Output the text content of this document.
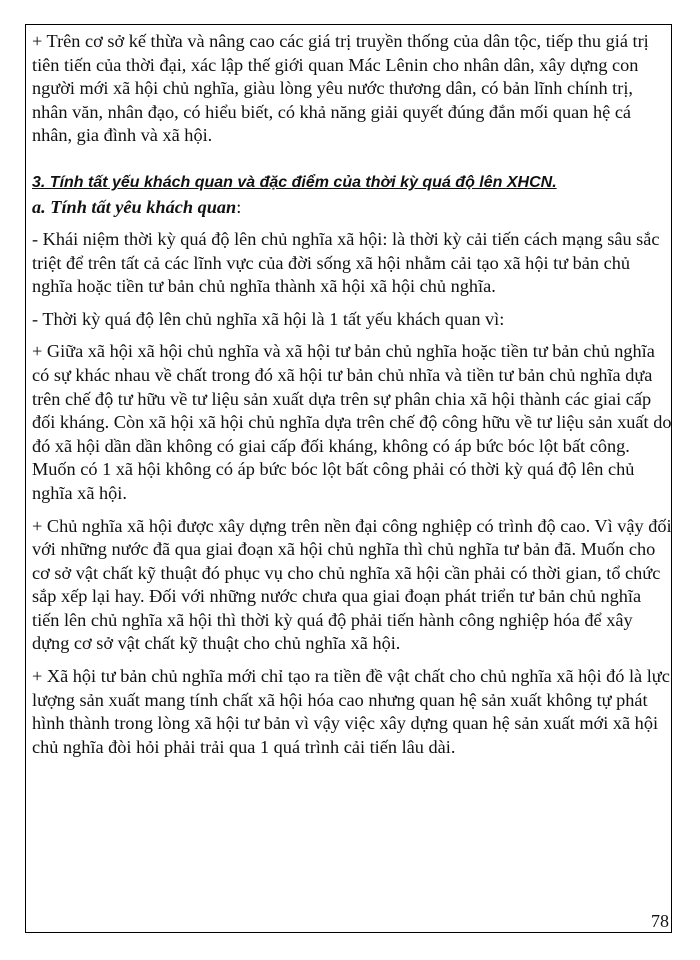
+ Trên cơ sở kế thừa và nâng cao các giá trị truyền thống của dân tộc, tiếp thu giá trị tiên tiến của thời đại, xác lập thế giới quan Mác Lênin cho nhân dân, xây dựng con người mới xã hội chủ nghĩa, giàu lòng yêu nước thương dân, có bản lĩnh chính trị, nhân văn, nhân đạo, có hiểu biết, có khả năng giải quyết đúng đắn mối quan hệ cá nhân, gia đình và xã hội.

3. Tính tất yếu khách quan và đặc điểm của thời kỳ quá độ lên XHCN.

a. Tính tất yêu khách quan:

- Khái niệm thời kỳ quá độ lên chủ nghĩa xã hội: là thời kỳ cải tiến cách mạng sâu sắc triệt để trên tất cả các lĩnh vực của đời sống xã hội nhằm cải tạo xã hội tư bản chủ nghĩa hoặc tiền tư bản chủ nghĩa thành xã hội xã hội chủ nghĩa.

- Thời kỳ quá độ lên chủ nghĩa xã hội là 1 tất yếu khách quan vì:

+ Giữa xã hội xã hội chủ nghĩa và xã hội tư bản chủ nghĩa hoặc tiền tư bản chủ nghĩa có sự khác nhau về chất trong đó xã hội tư bản chủ nhĩa và tiền tư bản chủ nghĩa dựa trên chế độ tư hữu về tư liệu sản xuất dựa trên sự phân chia xã hội thành các giai cấp đối kháng. Còn xã hội xã hội chủ nghĩa dựa trên chế độ công hữu về tư liệu sản xuất do đó xã hội dần dần không có giai cấp đối kháng, không có áp bức bóc lột bất công. Muốn có 1 xã hội không có áp bức bóc lột bất công phải có thời kỳ quá độ lên chủ nghĩa xã hội.

+ Chủ nghĩa xã hội được xây dựng trên nền đại công nghiệp có trình độ cao. Vì vậy đối với những nước đã qua giai đoạn xã hội chủ nghĩa thì chủ nghĩa tư bản đã. Muốn cho cơ sở vật chất kỹ thuật đó phục vụ cho chủ nghĩa xã hội cần phải có thời gian, tổ chức sắp xếp lại hay. Đối với những nước chưa qua giai đoạn phát triển tư bản chủ nghĩa tiến lên chủ nghĩa xã hội thì thời kỳ quá độ phải tiến hành công nghiệp hóa để xây dựng cơ sở vật chất kỹ thuật cho chủ nghĩa xã hội.

+ Xã hội tư bản chủ nghĩa mới chỉ tạo ra tiền đề vật chất cho chủ nghĩa xã hội đó là lực lượng sản xuất mang tính chất xã hội hóa cao nhưng quan hệ sản xuất không tự phát hình thành trong lòng xã hội tư bản vì vậy việc xây dựng quan hệ sản xuất mới xã hội chủ nghĩa đòi hỏi phải trải qua 1 quá trình cải tiến lâu dài.

78
